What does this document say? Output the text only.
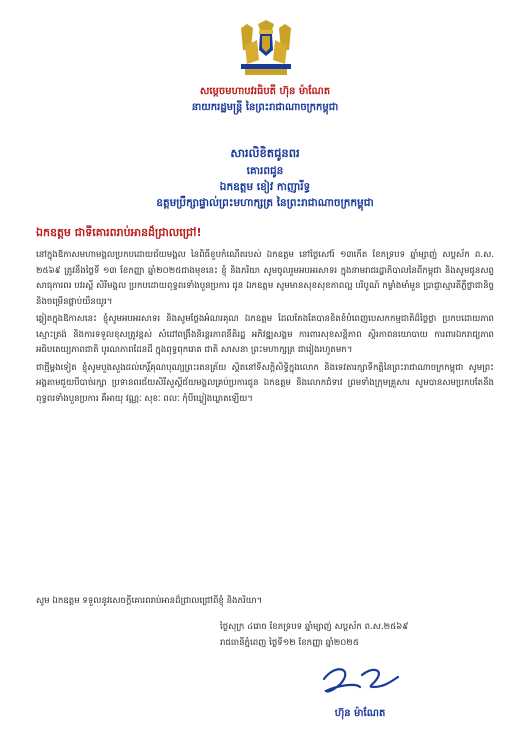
សម្តេចមហាបវរធិបតី ហ៊ុន ម៉ាណែត
នាយករដ្ឋមន្ត្រី នៃព្រះរាជាណាចក្រកម្ពុជា
សារលិខិតជូនពរ
គោរពជូន
ឯកឧត្តម ខៀវ កាញារីទ្ធ
ឧត្តមប្រឹក្សាផ្ទាល់ព្រះមហាក្សត្រ នៃព្រះរាជាណាចក្រកម្ពុជា
ឯកឧត្តម ជាទីគោរពរាប់អានដ៏ជ្រាលជ្រៅ!

នៅក្នុងឱកាសមហាមង្គលប្រកបដោយជ័យមង្គល នៃពិធីខួបកំណើតរបស់ ឯកឧត្តម នៅថ្ងៃសៅរ៍ ១៣កើត ខែភទ្របទ ឆ្នាំម្សាញ់ សប្តស័ក ព.ស. ២៥៦៩ ត្រូវនឹងថ្ងៃទី ១៣ ខែកញ្ញា ឆ្នាំ២០២៥ជាងមុខនេះ ខ្ញុំ និងភរិយា សូមចូលរួមអបអរសាទរ ក្នុងនាមរាជរដ្ឋាភិបាលនៃពីកម្ពុជា និងសូមជូនសព្ទសាធុការពរ បវរស្តី សិរីមង្គល ប្រកបដោយពុទ្ធពរទាំងបួនប្រការ ជូន ឯកឧត្តម សូមមានសុខសុខភាពល្អ បរិបូណ៍ កម្លាំងមាំមួន ប្រាជ្ញាស្មារតីភ្លឺថ្លាជានិច្ច និងចម្រើនផ្គាប់យឺនយូរ។

ឆ្លៀតក្នុងឱកាសនេះ ខ្ញុំសូមអបអរសាទរ និងសូមថ្លែងអំណរគុណ ឯកឧត្តម ដែលតែងតែបានខិតខំបំពេញបេសកកម្មជាតិដ៏ថ្លៃថ្លា ប្រកបដោយភាពស្មោះត្រង់ និងការទទួលខុសត្រូវខ្ពស់ សំដៅពង្រឹងនិរន្តរភាពនីតិរដ្ឋ អភិវឌ្ឍសង្គម ការពារសុខសន្តិភាព ស្ថិរភាពនយោបាយ ការពារឯករាជ្យភាព អធិបតេយ្យភាពជាតិ បូរណភាពដែនដី ក្នុងពុទ្ធពុករោត ជាតិ សាសនា ព្រះមហាក្សត្រ ជារៀងរហូតមក។

ជាថ្មីម្តងទៀត ខ្ញុំសូមបួងសួងដល់កេរ្តិ៍គុណបុណ្យព្រះរតនត្រ័យ ស្ថិតនៅទីសក្តិសិទ្ធិក្នុងលោក និងទេវតារក្សាទីកត្ដិនៃព្រះរាជាណាចក្រកម្ពុជា សូមព្រះអង្គតាមជួយបីបាច់រក្សា ប្រទានពរជ័យសិរីសួស្តីជ័យមង្គលគ្រប់ប្រការជូន ឯកឧត្តម និងលោកជំទាវ ព្រមទាំងក្រុមគ្រួសារ សូមបានសមប្រកបតែនឹងពុទ្ធពរទាំងបួនប្រការ គឺអាយុ វណ្ណៈ សុខៈ ពលៈ កុំបីឃ្លៀងឃ្លាតឡើយ។

សូម ឯកឧត្តម ទទួលនូវសេចក្ដីគោរពរាប់អានដ៏ជ្រាលជ្រៅពីខ្ញុំ និងភរិយា។
ថ្ងៃសុក្រ ៤រោច ខែភទ្របទ ឆ្នាំម្សាញ់ សប្តស័ក ព.ស.២៥៦៩
រាជធានីភ្នំពេញ ថ្ងៃទី១២ ខែកញ្ញា ឆ្នាំ២០២៥
ហ៊ុន ម៉ាណែត
